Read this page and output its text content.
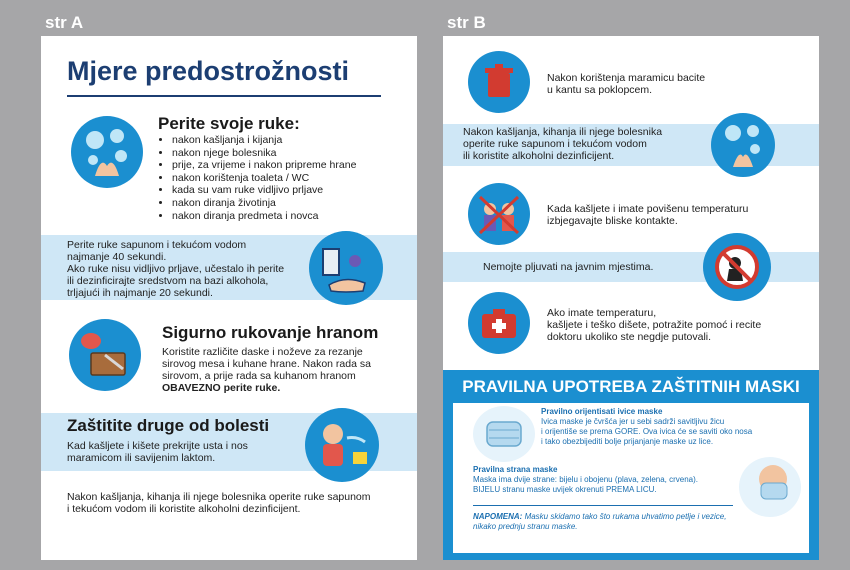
str A	str B
Mjere predostrožnosti
Perite svoje ruke:
• nakon kašljanja i kijanja
• nakon njege bolesnika
• prije, za vrijeme i nakon pripreme hrane
• nakon korištenja toaleta / WC
• kada su vam ruke vidljivo prljave
• nakon diranja životinja
• nakon diranja predmeta i novca
Perite ruke sapunom i tekućom vodom
najmanje 40 sekundi.
Ako ruke nisu vidljivo prljave, učestalo ih perite
ili dezinficirajte sredstvom na bazi alkohola,
trljajući ih najmanje 20 sekundi.
Sigurno rukovanje hranom
Koristite različite daske i noževe za rezanje
sirovog mesa i kuhane hrane. Nakon rada sa
sirovom, a prije rada sa kuhanom hranom
OBAVEZNO perite ruke.
Zaštitite druge od bolesti
Kad kašljete i kišete prekrijte usta i nos
maramicom ili savijenim laktom.
Nakon kašljanja, kihanja ili njege bolesnika operite ruke sapunom
i tekućom vodom ili koristite alkoholni dezinficijent.
Nakon korištenja maramicu bacite
u kantu sa poklopcem.
Nakon kašljanja, kihanja ili njege bolesnika
operite ruke sapunom i tekućom vodom
ili koristite alkoholni dezinficijent.
Kada kašljete i imate povišenu temperaturu
izbjegavajte bliske kontakte.
Nemojte pljuvati na javnim mjestima.
Ako imate temperaturu,
kašljete i teško dišete, potražite pomoć i recite
doktoru ukoliko ste negdje putovali.
PRAVILNA UPOTREBA ZAŠTITNIH MASKI
Pravilno orijentisati ivice maske
Ivica maske je čvršća jer u sebi sadrži savitljivu žicu
i orijentiše se prema GORE. Ova ivica će se saviti oko nosa
i tako obezbijediti bolje prijanjanje maske uz lice.
Pravilna strana maske
Maska ima dvije strane: bijelu i obojenu (plava, zelena, crvena).
BIJELU stranu maske uvijek okrenuti PREMA LICU.
NAPOMENA: Masku skidamo tako što rukama uhvatimo petlje i vezice,
nikako prednju stranu maske.
